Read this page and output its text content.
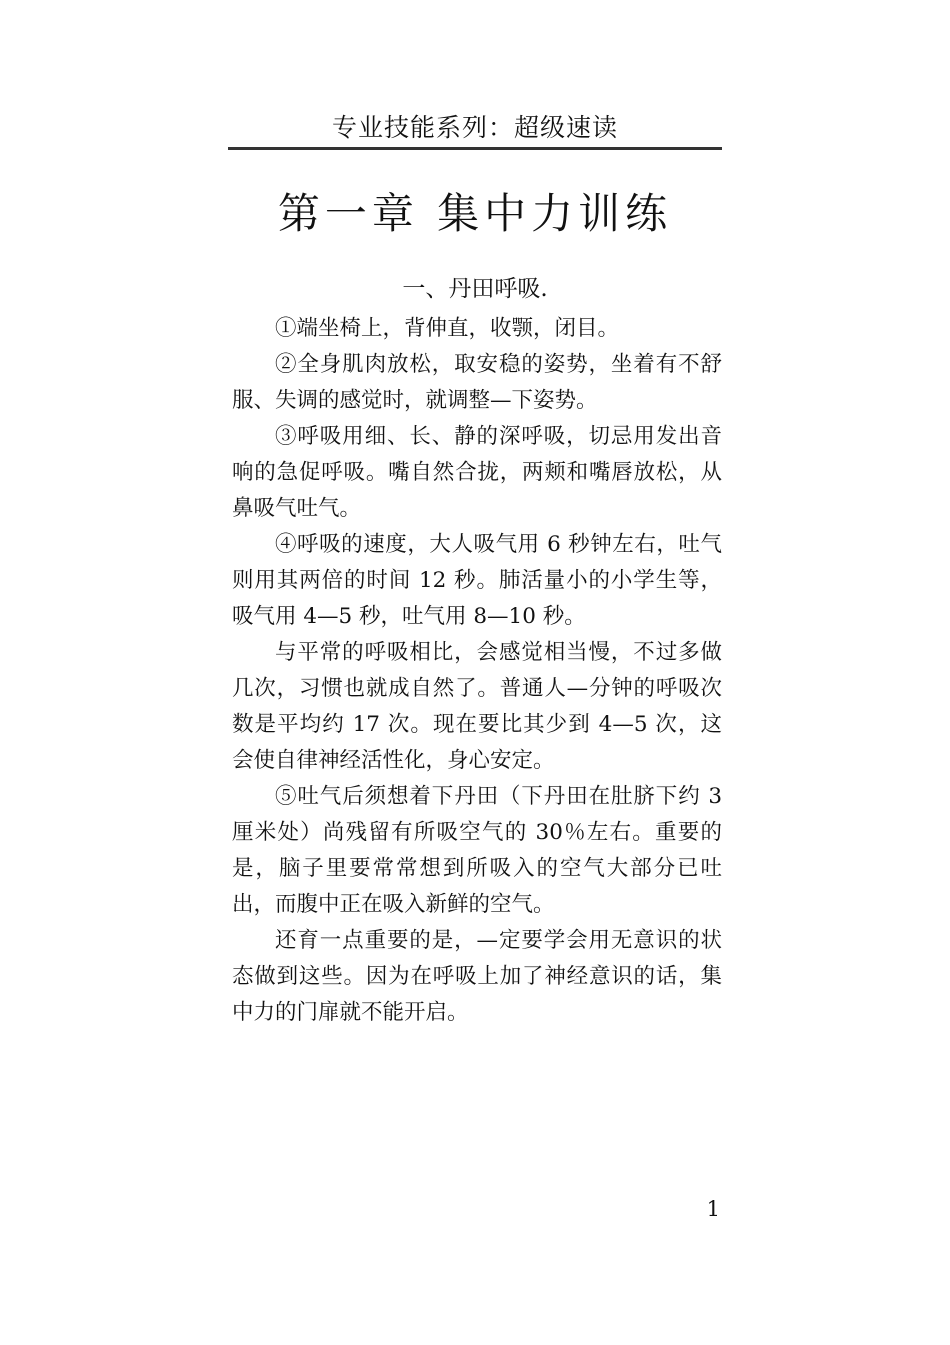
专业技能系列：超级速读
第一章 集中力训练
一、丹田呼吸.

①端坐椅上，背伸直，收颚，闭目。

②全身肌肉放松，取安稳的姿势，坐着有不舒服、失调的感觉时，就调整—下姿势。

③呼吸用细、长、静的深呼吸，切忌用发出音响的急促呼吸。嘴自然合拢，两颊和嘴唇放松，从鼻吸气吐气。

④呼吸的速度，大人吸气用 6 秒钟左右，吐气则用其两倍的时间 12 秒。肺活量小的小学生等，吸气用 4—5 秒，吐气用 8—10 秒。

与平常的呼吸相比，会感觉相当慢，不过多做几次，习惯也就成自然了。普通人—分钟的呼吸次数是平均约 17 次。现在要比其少到 4—5 次，这会使自律神经活性化，身心安定。

⑤吐气后须想着下丹田（下丹田在肚脐下约 3 厘米处）尚残留有所吸空气的 30％左右。重要的是，脑子里要常常想到所吸入的空气大部分已吐出，而腹中正在吸入新鲜的空气。

还育一点重要的是，—定要学会用无意识的状态做到这些。因为在呼吸上加了神经意识的话，集中力的门扉就不能开启。

1
